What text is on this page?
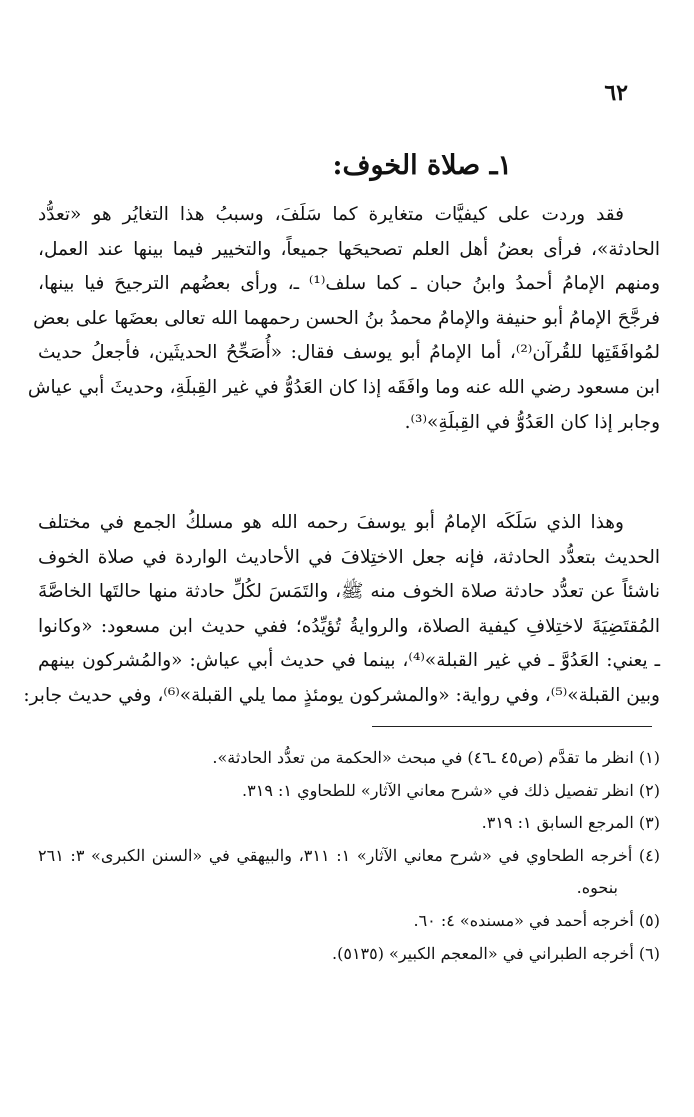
٦٢
١ـ صلاة الخوف:
فقد وردت على كيفيَّات متغايرة كما سَلَفَ، وسببُ هذا التغايُر هو «تعدُّد
الحادثة»، فرأى بعضُ أهل العلم تصحيحَها جميعاً، والتخيير فيما بينها عند العمل،
ومنهم الإمامُ أحمدُ وابنُ حبان ـ كما سلف⁽¹⁾ ـ، ورأى بعضُهم الترجيحَ فيا بينها،
فرجَّحَ الإمامُ أبو حنيفة والإمامُ محمدُ بنُ الحسن رحمهما الله تعالى بعضَها على بعض
لمُوافَقَتِها للقُرآن⁽²⁾، أما الإمامُ أبو يوسف فقال: «أُصَحِّحُ الحديثَين، فأجعلُ حديث
ابن مسعود رضي الله عنه وما وافَقَه إذا كان العَدُوُّ في غير القِبلَةِ، وحديثَ أبي عياش
وجابر إذا كان العَدُوُّ في القِبلَةِ»⁽³⁾.
وهذا الذي سَلَكَه الإمامُ أبو يوسفَ رحمه الله هو مسلكُ الجمع في مختلف
الحديث بتعدُّد الحادثة، فإنه جعل الاختِلافَ في الأحاديث الواردة في صلاة الخوف
ناشئاً عن تعدُّد حادثة صلاة الخوف منه ﷺ، والتَمَسَ لكُلِّ حادثة منها حالتَها الخاصَّةَ
المُقتَضِيَةَ لاختِلافِ كيفية الصلاة، والروايةُ تُؤيِّدُه؛ ففي حديث ابن مسعود: «وكانوا
ـ يعني: العَدُوَّ ـ في غير القبلة»⁽⁴⁾، بينما في حديث أبي عياش: «والمُشركون بينهم
وبين القبلة»⁽⁵⁾، وفي رواية: «والمشركون يومئذٍ مما يلي القبلة»⁽⁶⁾، وفي حديث جابر:
(١) انظر ما تقدَّم (ص٤٥ ـ٤٦) في مبحث «الحكمة من تعدُّد الحادثة».
(٢) انظر تفصيل ذلك في «شرح معاني الآثار» للطحاوي ١: ٣١٩.
(٣) المرجع السابق ١: ٣١٩.
(٤) أخرجه الطحاوي في «شرح معاني الآثار» ١: ٣١١، والبيهقي في «السنن الكبرى» ٣: ٢٦١
بنحوه.
(٥) أخرجه أحمد في «مسنده» ٤: ٦٠.
(٦) أخرجه الطبراني في «المعجم الكبير» (٥١٣٥).
